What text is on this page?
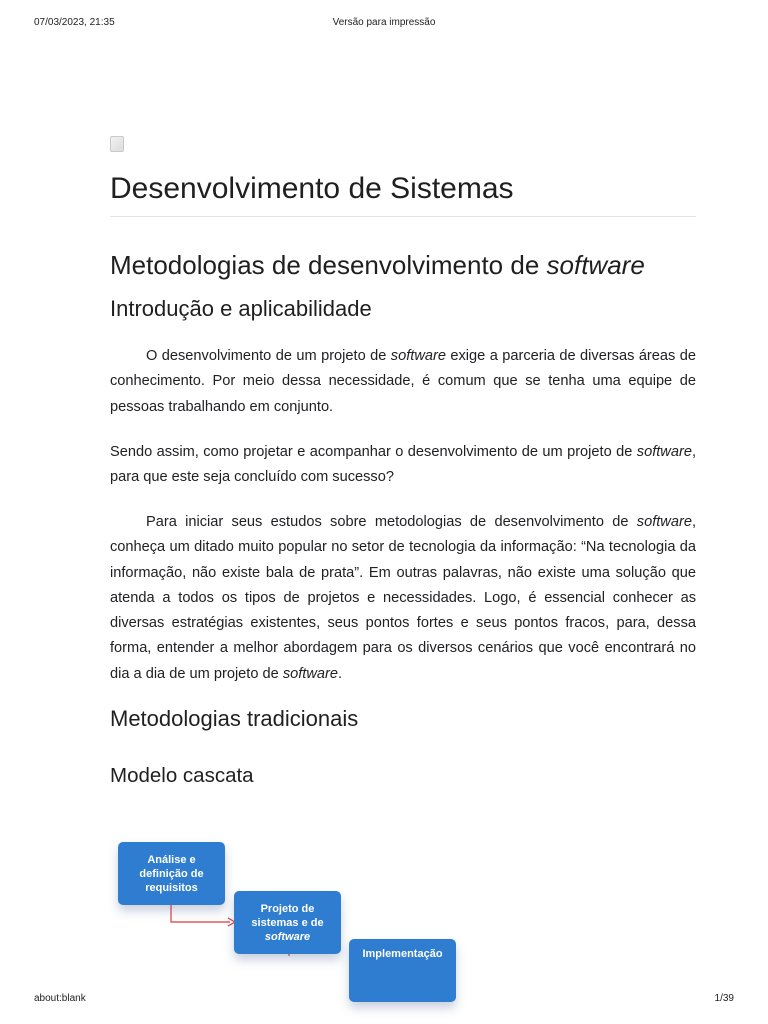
07/03/2023, 21:35	Versão para impressão
Desenvolvimento de Sistemas
Metodologias de desenvolvimento de software
Introdução e aplicabilidade

O desenvolvimento de um projeto de software exige a parceria de diversas áreas de conhecimento. Por meio dessa necessidade, é comum que se tenha uma equipe de pessoas trabalhando em conjunto.

Sendo assim, como projetar e acompanhar o desenvolvimento de um projeto de software, para que este seja concluído com sucesso?

Para iniciar seus estudos sobre metodologias de desenvolvimento de software, conheça um ditado muito popular no setor de tecnologia da informação: “Na tecnologia da informação, não existe bala de prata”. Em outras palavras, não existe uma solução que atenda a todos os tipos de projetos e necessidades. Logo, é essencial conhecer as diversas estratégias existentes, seus pontos fortes e seus pontos fracos, para, dessa forma, entender a melhor abordagem para os diversos cenários que você encontrará no dia a dia de um projeto de software.

Metodologias tradicionais
Modelo cascata
Análise e
definição de
requisitos
Projeto de
sistemas e de
software
Implementação
about:blank	1/39
